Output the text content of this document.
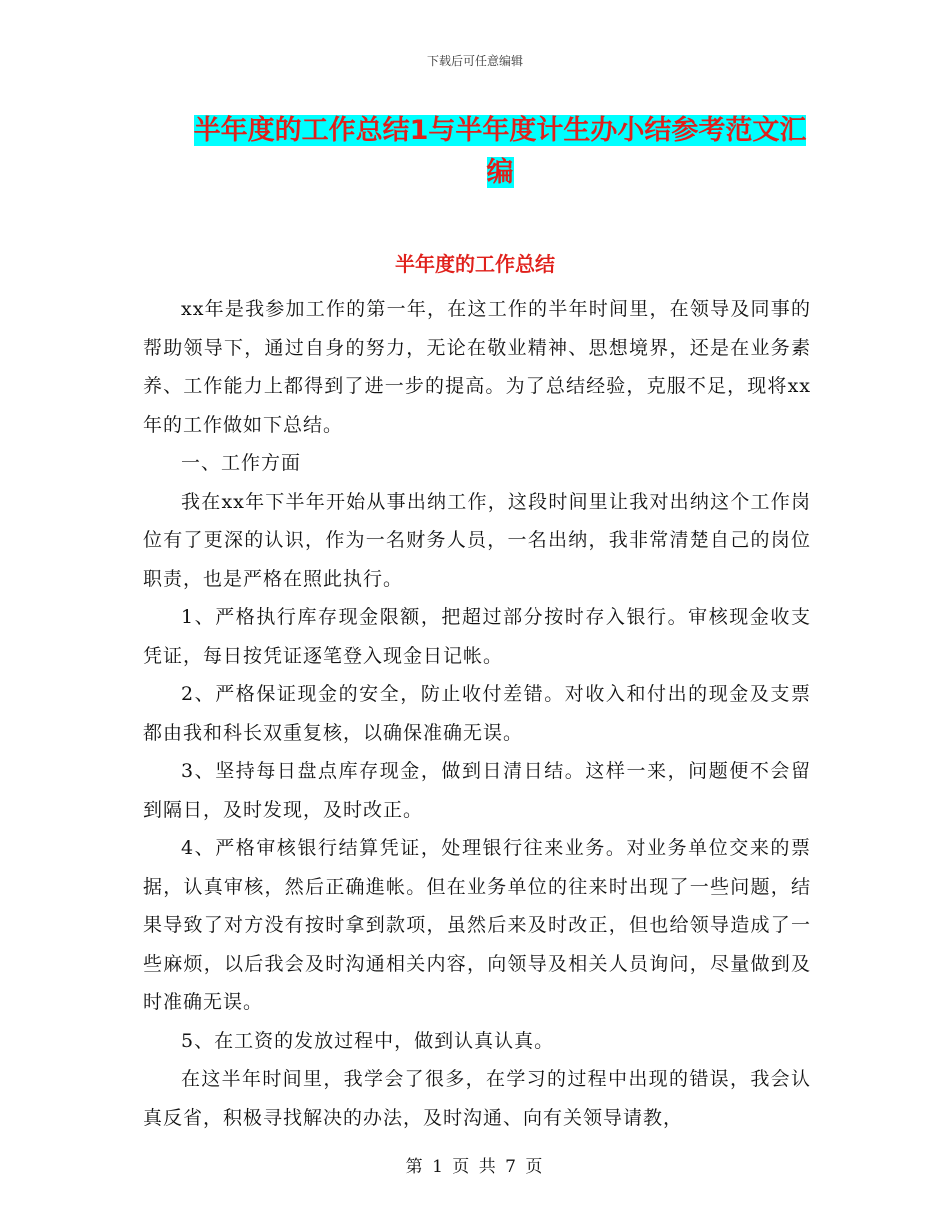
下载后可任意编辑
半年度的工作总结1与半年度计生办小结参考范文汇编
半年度的工作总结

xx年是我参加工作的第一年，在这工作的半年时间里，在领导及同事的帮助领导下，通过自身的努力，无论在敬业精神、思想境界，还是在业务素养、工作能力上都得到了进一步的提高。为了总结经验，克服不足，现将xx年的工作做如下总结。

一、工作方面

我在xx年下半年开始从事出纳工作，这段时间里让我对出纳这个工作岗位有了更深的认识，作为一名财务人员，一名出纳，我非常清楚自己的岗位职责，也是严格在照此执行。

1、严格执行库存现金限额，把超过部分按时存入银行。审核现金收支凭证，每日按凭证逐笔登入现金日记帐。

2、严格保证现金的安全，防止收付差错。对收入和付出的现金及支票都由我和科长双重复核，以确保准确无误。

3、坚持每日盘点库存现金，做到日清日结。这样一来，问题便不会留到隔日，及时发现，及时改正。

4、严格审核银行结算凭证，处理银行往来业务。对业务单位交来的票据，认真审核，然后正确進帐。但在业务单位的往来时出现了一些问题，结果导致了对方没有按时拿到款项，虽然后来及时改正，但也给领导造成了一些麻烦，以后我会及时沟通相关内容，向领导及相关人员询问，尽量做到及时准确无误。

5、在工资的发放过程中，做到认真认真。

在这半年时间里，我学会了很多，在学习的过程中出现的错误，我会认真反省，积极寻找解决的办法，及时沟通、向有关领导请教，

第 1 页 共 7 页
